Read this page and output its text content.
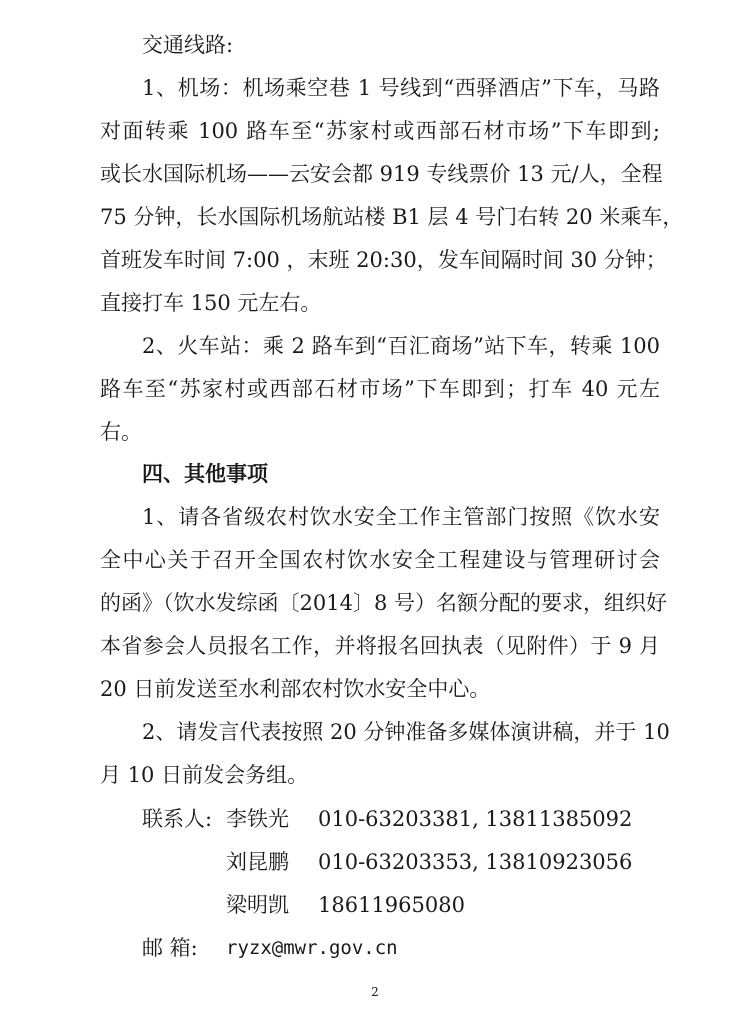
交通线路:
1、机场：机场乘空巷 1 号线到“西驿酒店”下车，马路
对面转乘 100 路车至“苏家村或西部石材市场”下车即到;
或长水国际机场——云安会都 919 专线票价 13 元/人，全程
75 分钟，长水国际机场航站楼 B1 层 4 号门右转 20 米乘车，
首班发车时间 7:00 ，末班 20:30，发车间隔时间 30 分钟；
直接打车 150 元左右。
2、火车站：乘 2 路车到“百汇商场”站下车，转乘 100
路车至“苏家村或西部石材市场”下车即到；打车 40 元左
右。
四、其他事项
1、请各省级农村饮水安全工作主管部门按照《饮水安
全中心关于召开全国农村饮水安全工程建设与管理研讨会
的函》（饮水发综函〔2014〕8 号）名额分配的要求，组织好
本省参会人员报名工作，并将报名回执表（见附件）于 9 月
20 日前发送至水利部农村饮水安全中心。
2、请发言代表按照 20 分钟准备多媒体演讲稿，并于 10
月 10 日前发会务组。
联系人: 李铁光 010-63203381, 13811385092
刘昆鹏 010-63203353, 13810923056
梁明凯 18611965080
邮 箱: ryzx@mwr.gov.cn
2
